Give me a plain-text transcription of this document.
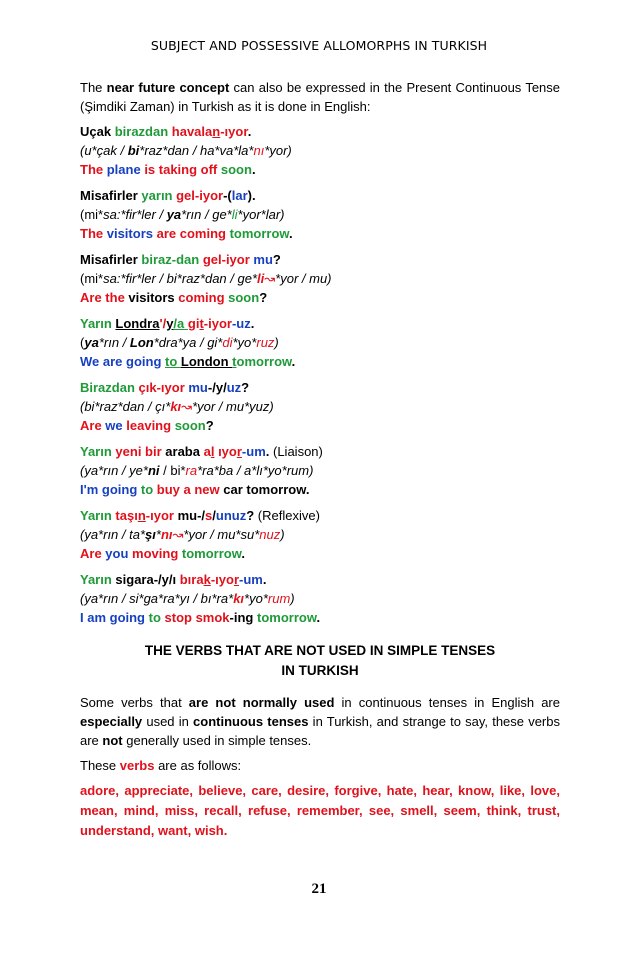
SUBJECT AND POSSESSIVE ALLOMORPHS IN TURKISH

The near future concept can also be expressed in the Present Continuous Tense (Şimdiki Zaman) in Turkish as it is done in English:

Uçak birazdan havalan-ıyor.
(u*çak / bi*raz*dan / ha*va*la*nı*yor)
The plane is taking off soon.
Misafirler yarın gel-iyor-(lar).
(mi*sa:*fir*ler / ya*rın / ge*li*yor*lar)
The visitors are coming tomorrow.
Misafirler biraz-dan gel-iyor mu?
(mi*sa:*fir*ler / bi*raz*dan / ge*li↝*yor / mu)
Are the visitors coming soon?
Yarın Londra'/y/a git-iyor-uz.
(ya*rın / Lon*dra*ya / gi*di*yo*ruz)
We are going to London tomorrow.
Birazdan çık-ıyor mu-/y/uz?
(bi*raz*dan / çı*kı↝*yor / mu*yuz)
Are we leaving soon?
Yarın yeni bir araba al ıyor-um. (Liaison)
(ya*rın / ye*ni / bi*ra*ra*ba / a*lı*yo*rum)
I'm going to buy a new car tomorrow.
Yarın taşın-ıyor mu-/s/unuz? (Reflexive)
(ya*rın / ta*şı*nı↝*yor / mu*su*nuz)
Are you moving tomorrow.
Yarın sigara-/y/ı bırak-ıyor-um.
(ya*rın / si*ga*ra*yı / bı*ra*kı*yo*rum)
I am going to stop smok-ing tomorrow.
THE VERBS THAT ARE NOT USED IN SIMPLE TENSES
IN TURKISH

Some verbs that are not normally used in continuous tenses in English are especially used in continuous tenses in Turkish, and strange to say, these verbs are not generally used in simple tenses.

These verbs are as follows:

adore, appreciate, believe, care, desire, forgive, hate, hear, know, like, love, mean, mind, miss, recall, refuse, remember, see, smell, seem, think, trust, understand, want, wish.

21
